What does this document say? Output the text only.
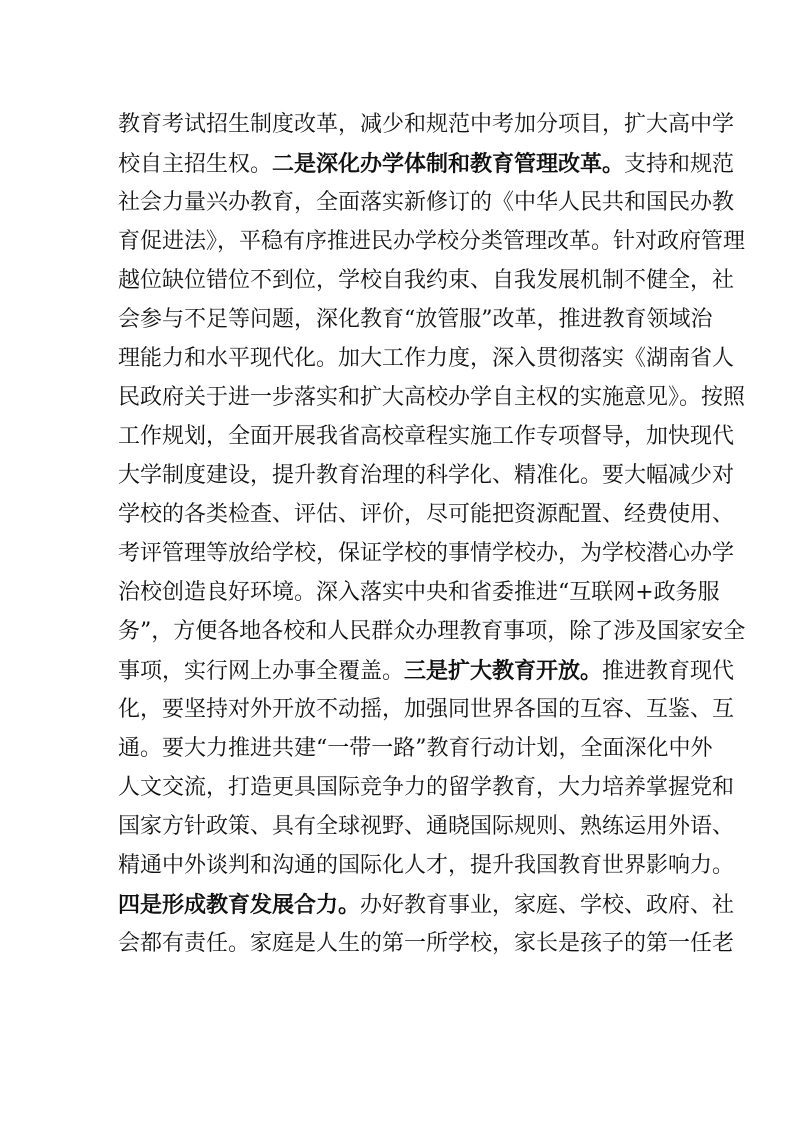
教育考试招生制度改革，减少和规范中考加分项目，扩大高中学
校自主招生权。二是深化办学体制和教育管理改革。支持和规范
社会力量兴办教育，全面落实新修订的《中华人民共和国民办教
育促进法》，平稳有序推进民办学校分类管理改革。针对政府管理
越位缺位错位不到位，学校自我约束、自我发展机制不健全，社
会参与不足等问题，深化教育“放管服”改革，推进教育领域治
理能力和水平现代化。加大工作力度，深入贯彻落实《湖南省人
民政府关于进一步落实和扩大高校办学自主权的实施意见》。按照
工作规划，全面开展我省高校章程实施工作专项督导，加快现代
大学制度建设，提升教育治理的科学化、精准化。要大幅减少对
学校的各类检查、评估、评价，尽可能把资源配置、经费使用、
考评管理等放给学校，保证学校的事情学校办，为学校潜心办学
治校创造良好环境。深入落实中央和省委推进“互联网+政务服
务”，方便各地各校和人民群众办理教育事项，除了涉及国家安全
事项，实行网上办事全覆盖。三是扩大教育开放。推进教育现代
化，要坚持对外开放不动摇，加强同世界各国的互容、互鉴、互
通。要大力推进共建“一带一路”教育行动计划，全面深化中外
人文交流，打造更具国际竞争力的留学教育，大力培养掌握党和
国家方针政策、具有全球视野、通晓国际规则、熟练运用外语、
精通中外谈判和沟通的国际化人才，提升我国教育世界影响力。
四是形成教育发展合力。办好教育事业，家庭、学校、政府、社
会都有责任。家庭是人生的第一所学校，家长是孩子的第一任老
